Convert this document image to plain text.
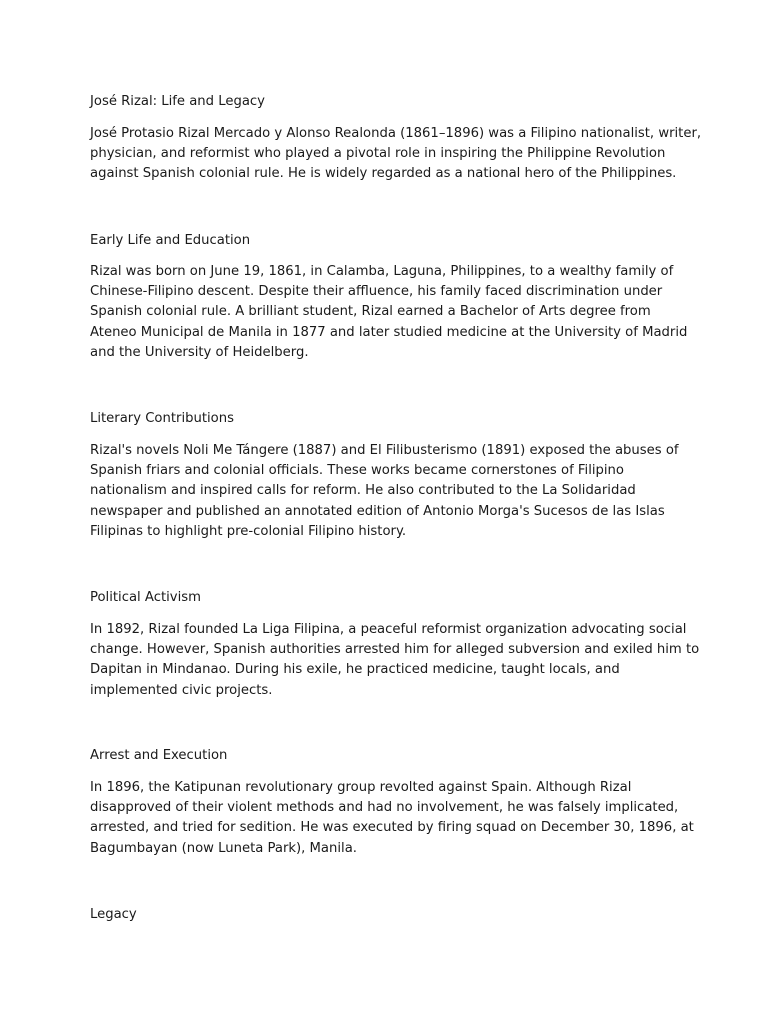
José Rizal: Life and Legacy

José Protasio Rizal Mercado y Alonso Realonda (1861–1896) was a Filipino nationalist, writer,
physician, and reformist who played a pivotal role in inspiring the Philippine Revolution
against Spanish colonial rule. He is widely regarded as a national hero of the Philippines.

Early Life and Education

Rizal was born on June 19, 1861, in Calamba, Laguna, Philippines, to a wealthy family of
Chinese-Filipino descent. Despite their affluence, his family faced discrimination under
Spanish colonial rule. A brilliant student, Rizal earned a Bachelor of Arts degree from
Ateneo Municipal de Manila in 1877 and later studied medicine at the University of Madrid
and the University of Heidelberg.

Literary Contributions

Rizal's novels Noli Me Tángere (1887) and El Filibusterismo (1891) exposed the abuses of
Spanish friars and colonial officials. These works became cornerstones of Filipino
nationalism and inspired calls for reform. He also contributed to the La Solidaridad
newspaper and published an annotated edition of Antonio Morga's Sucesos de las Islas
Filipinas to highlight pre-colonial Filipino history.

Political Activism

In 1892, Rizal founded La Liga Filipina, a peaceful reformist organization advocating social
change. However, Spanish authorities arrested him for alleged subversion and exiled him to
Dapitan in Mindanao. During his exile, he practiced medicine, taught locals, and
implemented civic projects.

Arrest and Execution

In 1896, the Katipunan revolutionary group revolted against Spain. Although Rizal
disapproved of their violent methods and had no involvement, he was falsely implicated,
arrested, and tried for sedition. He was executed by firing squad on December 30, 1896, at
Bagumbayan (now Luneta Park), Manila.

Legacy
